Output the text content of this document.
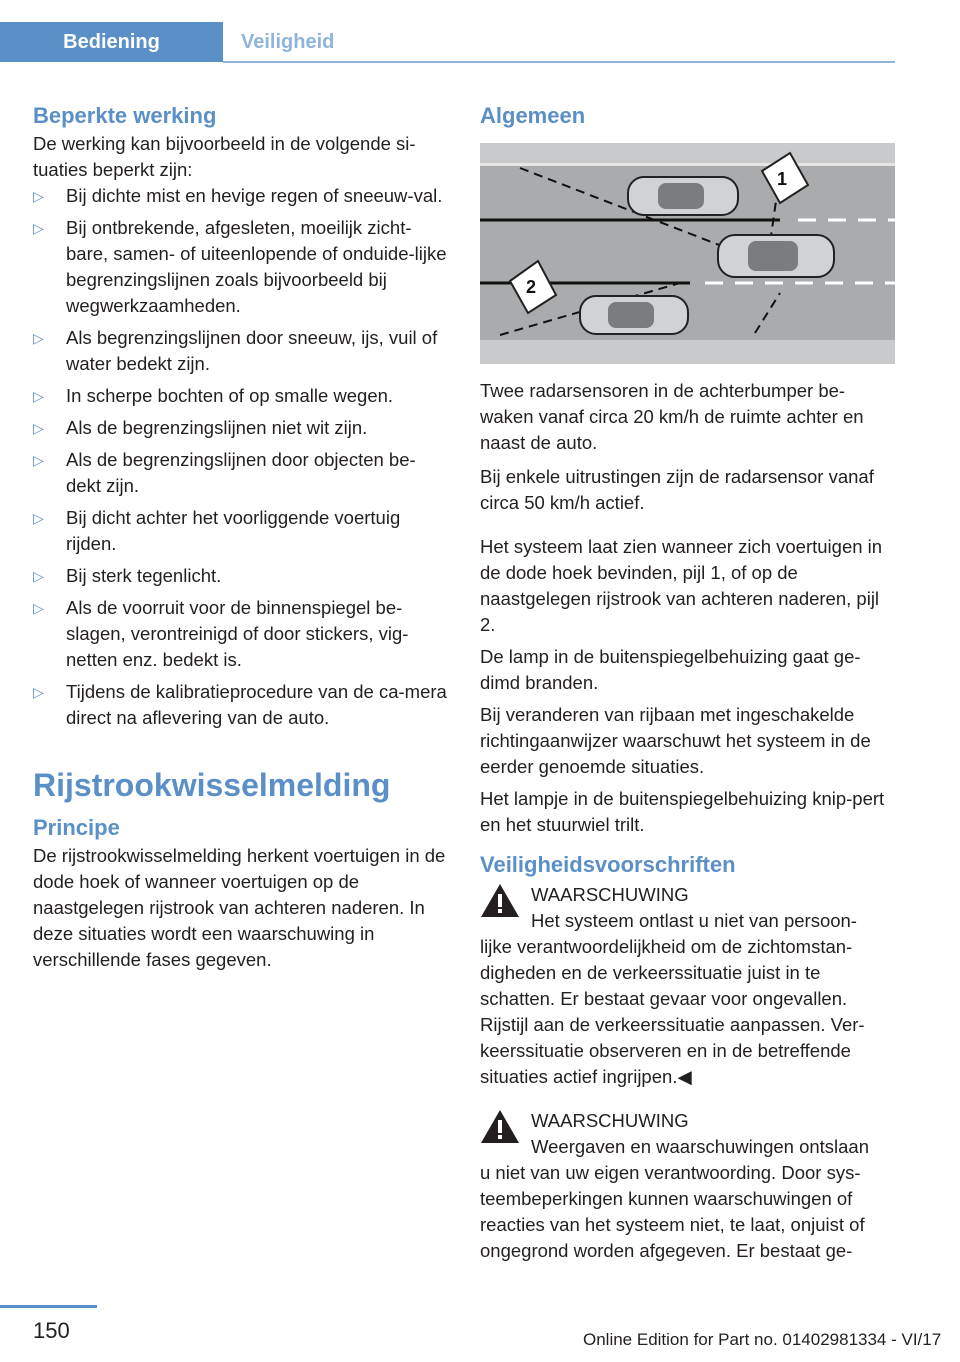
Bediening	Veiligheid
Beperkte werking

De werking kan bijvoorbeeld in de volgende si-tuaties beperkt zijn:

▷ Bij dichte mist en hevige regen of sneeuw-val.
▷ Bij ontbrekende, afgesleten, moeilijk zicht-bare, samen- of uiteenlopende of onduide-lijke begrenzingslijnen zoals bijvoorbeeld bij wegwerkzaamheden.
▷ Als begrenzingslijnen door sneeuw, ijs, vuil of water bedekt zijn.
▷ In scherpe bochten of op smalle wegen.
▷ Als de begrenzingslijnen niet wit zijn.
▷ Als de begrenzingslijnen door objecten be-dekt zijn.
▷ Bij dicht achter het voorliggende voertuig rijden.
▷ Bij sterk tegenlicht.
▷ Als de voorruit voor de binnenspiegel be-slagen, verontreinigd of door stickers, vig-netten enz. bedekt is.
▷ Tijdens de kalibratieprocedure van de ca-mera direct na aflevering van de auto.
Rijstrookwisselmelding
Principe

De rijstrookwisselmelding herkent voertuigen in de dode hoek of wanneer voertuigen op de naastgelegen rijstrook van achteren naderen. In deze situaties wordt een waarschuwing in verschillende fases gegeven.

Algemeen
1
2

Twee radarsensoren in de achterbumper be-waken vanaf circa 20 km/h de ruimte achter en naast de auto.

Bij enkele uitrustingen zijn de radarsensor vanaf circa 50 km/h actief.

Het systeem laat zien wanneer zich voertuigen in de dode hoek bevinden, pijl 1, of op de naastgelegen rijstrook van achteren naderen, pijl 2.

De lamp in de buitenspiegelbehuizing gaat ge-dimd branden.

Bij veranderen van rijbaan met ingeschakelde richtingaanwijzer waarschuwt het systeem in de eerder genoemde situaties.

Het lampje in de buitenspiegelbehuizing knip-pert en het stuurwiel trilt.

Veiligheidsvoorschriften
WAARSCHUWING
Het systeem ontlast u niet van persoon-
lijke verantwoordelijkheid om de zichtomstan-digheden en de verkeerssituatie juist in te schatten. Er bestaat gevaar voor ongevallen. Rijstijl aan de verkeerssituatie aanpassen. Ver-keerssituatie observeren en in de betreffende situaties actief ingrijpen.◀
WAARSCHUWING
Weergaven en waarschuwingen ontslaan
u niet van uw eigen verantwoording. Door sys-teembeperkingen kunnen waarschuwingen of reacties van het systeem niet, te laat, onjuist of ongegrond worden afgegeven. Er bestaat ge-
150	Online Edition for Part no. 01402981334 - VI/17
